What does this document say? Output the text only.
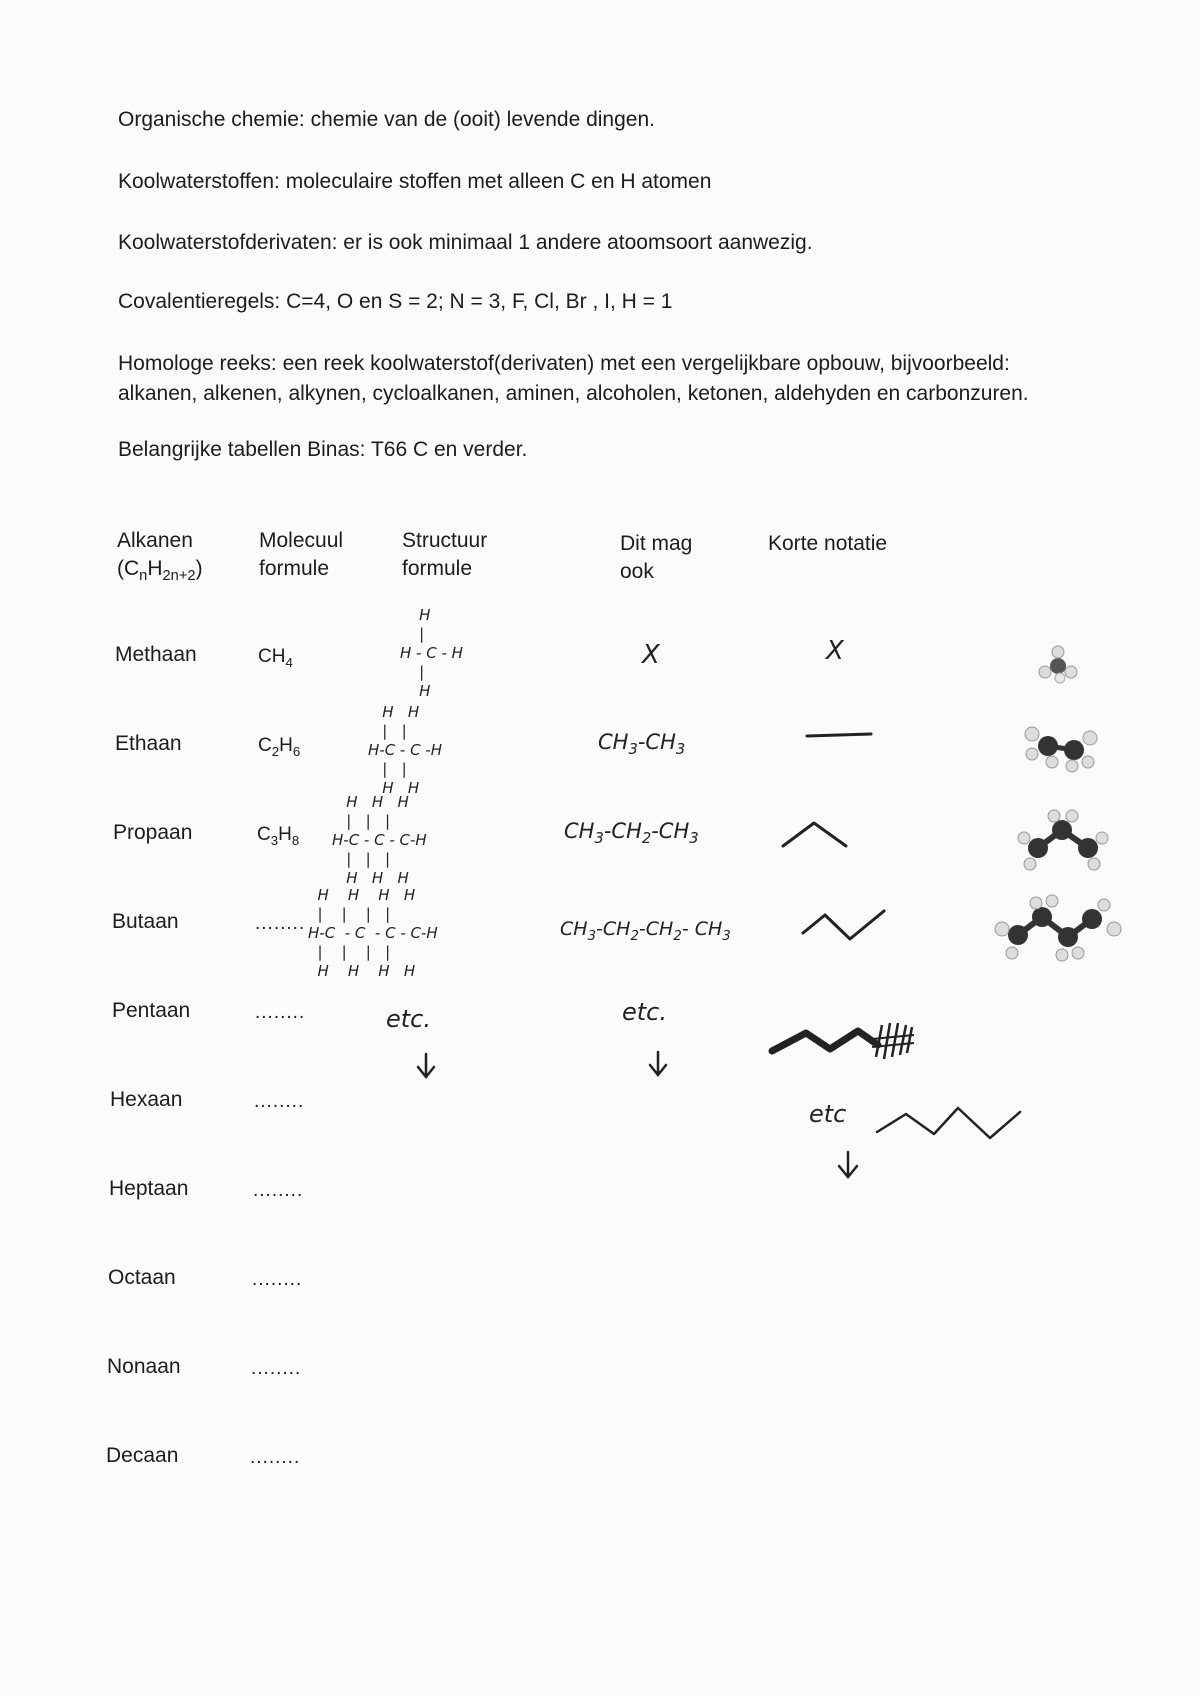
Organische chemie: chemie van de (ooit) levende dingen.
Koolwaterstoffen: moleculaire stoffen met alleen C en H atomen
Koolwaterstofderivaten: er is ook minimaal 1 andere atoomsoort aanwezig.
Covalentieregels: C=4, O en S = 2; N = 3, F, Cl, Br , I, H = 1
Homologe reeks: een reek koolwaterstof(derivaten) met een vergelijkbare opbouw, bijvoorbeeld:
alkanen, alkenen, alkynen, cycloalkanen, aminen, alcoholen, ketonen, aldehyden en carbonzuren.
Belangrijke tabellen Binas: T66 C en verder.
Alkanen
$(C_nH_{2n+2})$
Molecuul
formule
Structuur
formule
Dit mag
ook
Korte notatie
Methaan
Ethaan
Propaan
Butaan
Pentaan
Hexaan
Heptaan
Octaan
Nonaan
Decaan
$CH_4$
$C_2H_6$
$C_3H_8$
........
........
........
........
........
........
........
H
|
H - C - H
|
H
H   H
|   |
H-C - C -H
|   |
H   H
H   H   H
|   |   |
H-C - C - C-H
|   |   |
H   H   H
H    H    H   H
|    |    |   |
H-C  - C  - C - C-H
|    |    |   |
H    H    H   H
X
$CH_3-CH_3$
$CH_3-CH_2-CH_3$
$CH_3-CH_2-CH_2-$ $CH_3$
X
etc.	etc.
etc
